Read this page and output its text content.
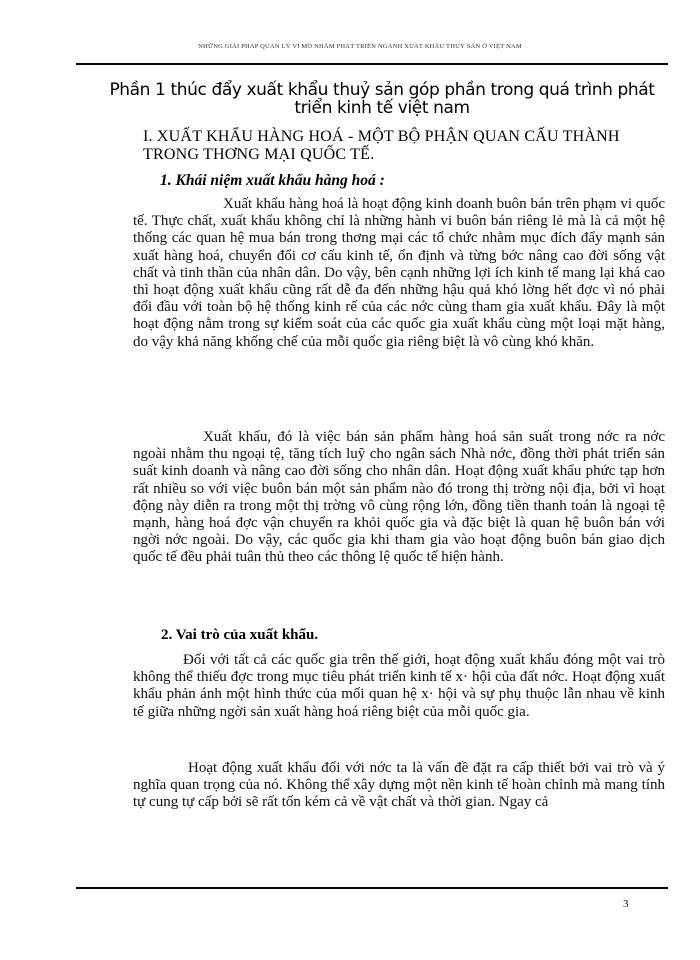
NHỮNG GIẢI PHÁP QUẢN LÝ VĨ MÔ NHẰM PHÁT TRIỂN NGÀNH XUẤT KHẨU THUỶ SẢN Ở VIỆT NAM
Phần 1 thúc đẩy xuất khẩu thuỷ sản góp phần trong quá trình phát triển kinh tế việt nam
I. XUẤT KHẨU HÀNG HOÁ - MỘT BỘ PHẬN QUAN CẤU THÀNH TRONG THƠNG MẠI QUỐC TẾ.
1. Khái niệm xuất khẩu hàng hoá :

Xuất khẩu hàng hoá là hoạt động kinh doanh buôn bán trên phạm vi quốc tế. Thực chất, xuất khẩu không chỉ là những hành vi buôn bán riêng lẻ mà là cả một hệ thống các quan hệ mua bán trong thơng mại các tổ chức nhằm mục đích đẩy mạnh sản xuất hàng hoá, chuyển đổi cơ cấu kinh tế, ổn định và từng bớc nâng cao đời sống vật chất và tinh thần của nhân dân. Do vậy, bên cạnh những lợi ích kinh tế mang lại khá cao thì hoạt động xuất khẩu cũng rất dễ đa đến những hậu quả khó lờng hết đợc vì nó phải đối đầu với toàn bộ hệ thống kinh rế của các nớc cùng tham gia xuất khẩu. Đây là một hoạt động nằm trong sự kiểm soát của các quốc gia xuất khẩu cùng một loại mặt hàng, do vậy khả năng khống chế của mỗi quốc gia riêng biệt là vô cùng khó khăn.

Xuất khẩu, đó là việc bán sản phẩm hàng hoá sản suất trong nớc ra nớc ngoài nhằm thu ngoại tệ, tăng tích luỹ cho ngân sách Nhà nớc, đồng thời phát triển sản suất kinh doanh và nâng cao đời sống cho nhân dân. Hoạt động xuất khẩu phức tạp hơn rất nhiều so với việc buôn bán một sản phẩm nào đó trong thị trờng nội địa, bởi vì hoạt động này diễn ra trong một thị trờng vô cùng rộng lớn, đồng tiền thanh toán là ngoại tệ mạnh, hàng hoá đợc vận chuyển ra khỏi quốc gia và đặc biệt là quan hệ buôn bán với ngời nớc ngoài. Do vậy, các quốc gia khi tham gia vào hoạt động buôn bán giao dịch quốc tế đều phải tuân thủ theo các thông lệ quốc tế hiện hành.

2. Vai trò của xuất khẩu.

Đối với tất cả các quốc gia trên thế giới, hoạt động xuất khẩu đóng một vai trò không thể thiếu đợc trong mục tiêu phát triển kinh tế x· hội của đất nớc. Hoạt động xuất khẩu phản ánh một hình thức của mối quan hệ x· hội và sự phụ thuộc lẫn nhau về kinh tế giữa những ngời sản xuất hàng hoá riêng biệt của mỗi quốc gia.

Hoạt động xuất khẩu đối với nớc ta là vấn đề đặt ra cấp thiết bởi vai trò và ý nghĩa quan trọng của nó. Không thể xây dựng một nền kinh tế hoàn chỉnh mà mang tính tự cung tự cấp bởi sẽ rất tốn kém cả về vật chất và thời gian. Ngay cả

3
